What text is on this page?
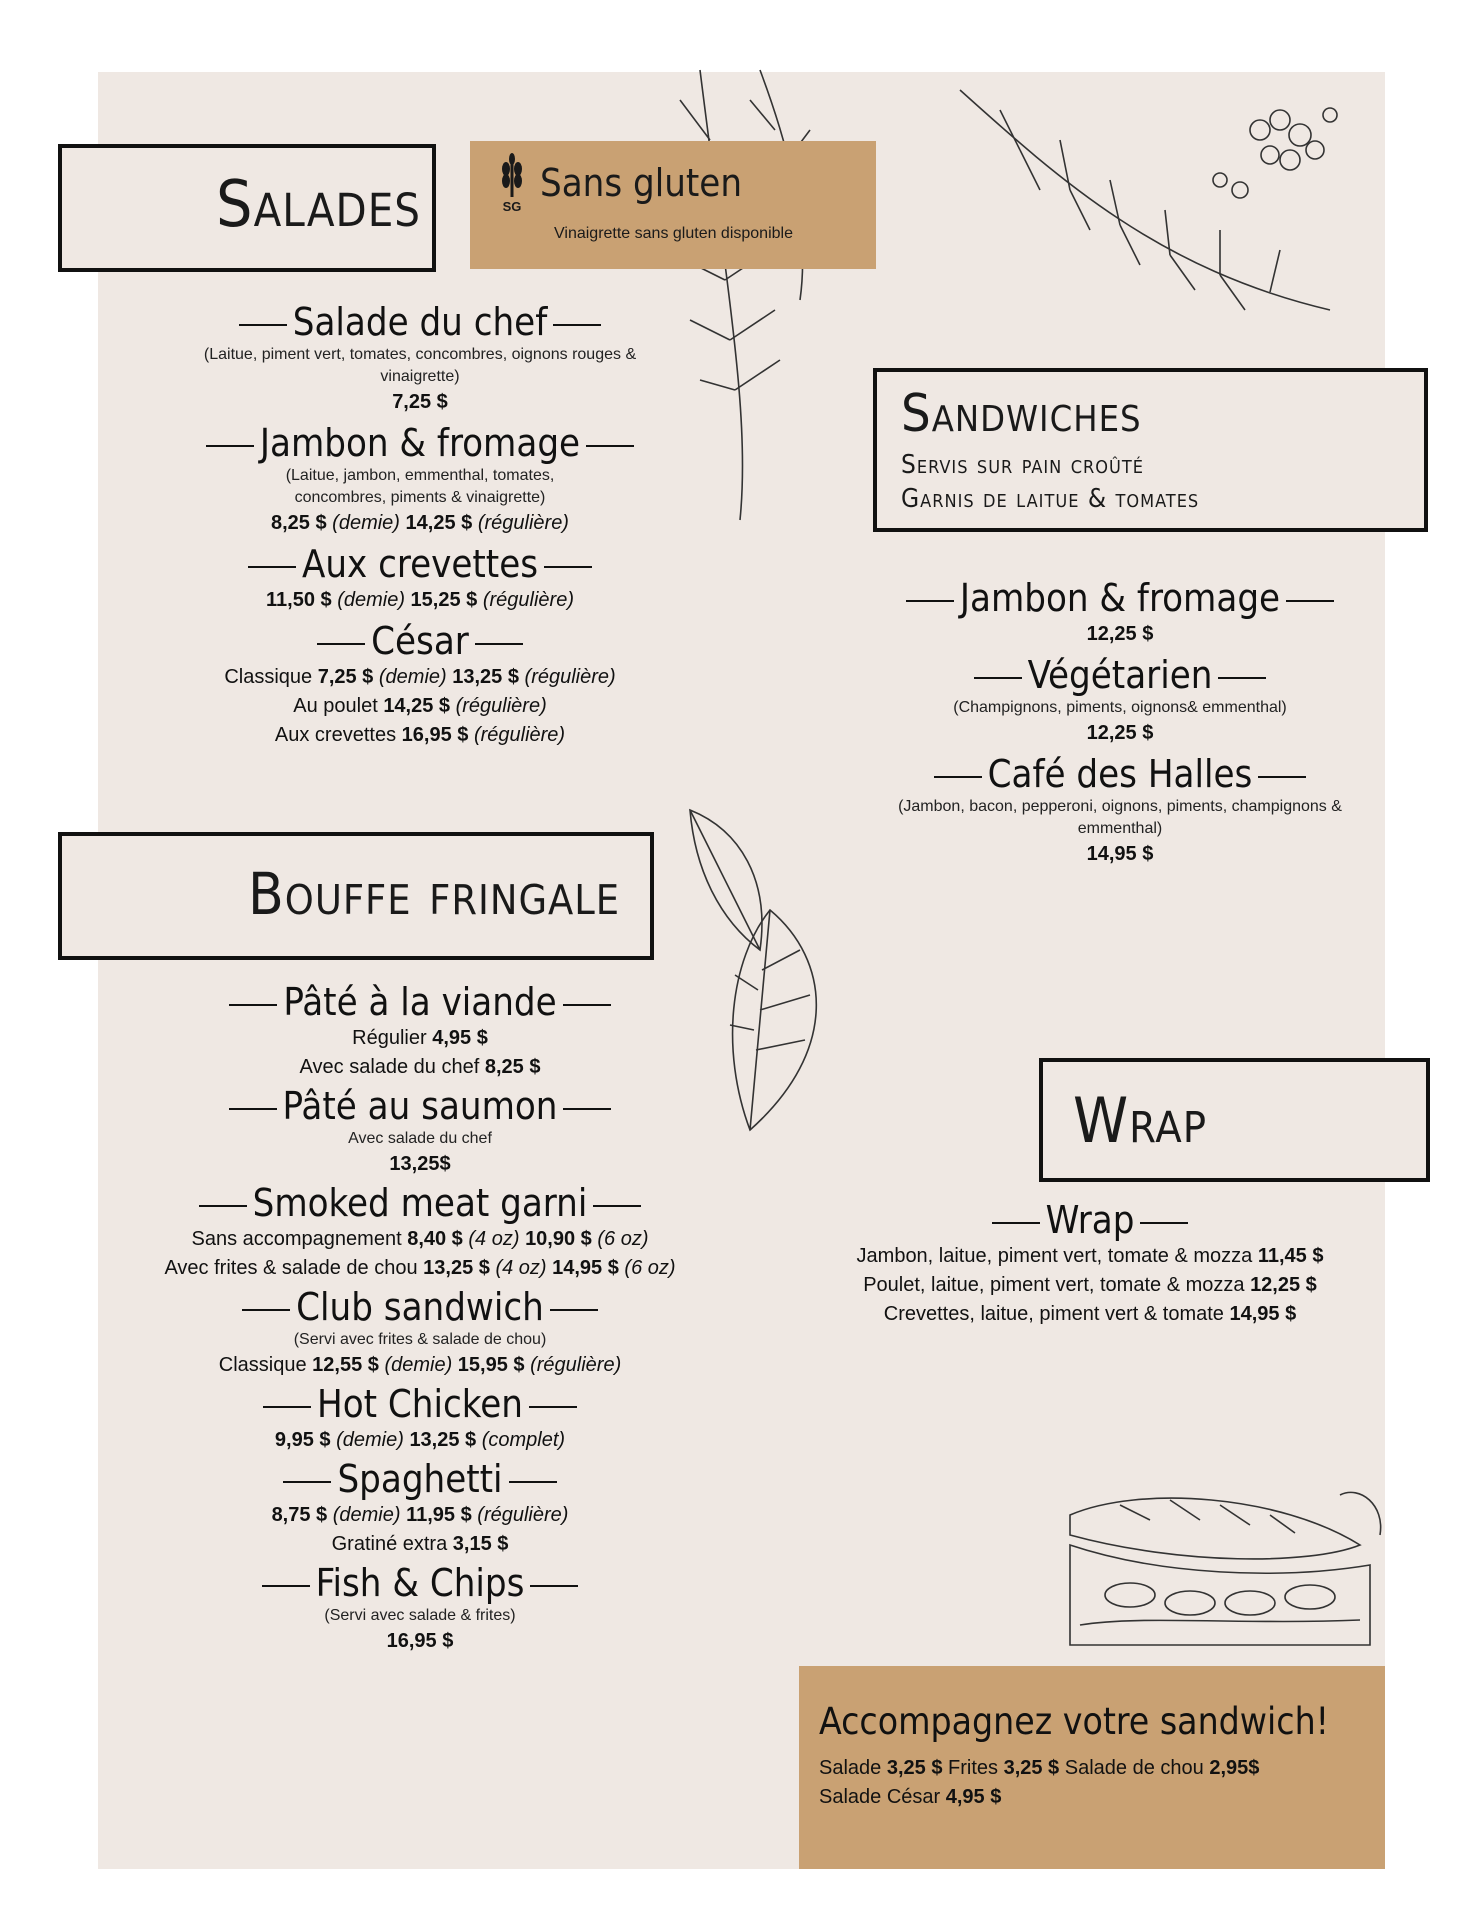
Salades	SG
Sans gluten
Vinaigrette sans gluten disponible
Salade du chef
(Laitue, piment vert, tomates, concombres, oignons rouges & vinaigrette)
7,25 $
Jambon & fromage
(Laitue, jambon, emmenthal, tomates, concombres, piments & vinaigrette)
8,25 $ (demie) 14,25 $ (régulière)
Aux crevettes
11,50 $ (demie) 15,25 $ (régulière)
César
Classique 7,25 $ (demie) 13,25 $ (régulière)
Au poulet 14,25 $ (régulière)
Aux crevettes 16,95 $ (régulière)
Bouffe fringale
Pâté à la viande
Régulier 4,95 $
Avec salade du chef 8,25 $
Pâté au saumon
Avec salade du chef
13,25$
Smoked meat garni
Sans accompagnement 8,40 $ (4 oz) 10,90 $ (6 oz)
Avec frites & salade de chou 13,25 $ (4 oz) 14,95 $ (6 oz)
Club sandwich
(Servi avec frites & salade de chou)
Classique 12,55 $ (demie) 15,95 $ (régulière)
Hot Chicken
9,95 $ (demie) 13,25 $ (complet)
Spaghetti
8,75 $ (demie) 11,95 $ (régulière)
Gratiné extra 3,15 $
Fish & Chips
(Servi avec salade & frites)
16,95 $
Sandwiches
Servis sur pain croûté
Garnis de laitue & tomates
Jambon & fromage
12,25 $
Végétarien
(Champignons, piments, oignons& emmenthal)
12,25 $
Café des Halles
(Jambon, bacon, pepperoni, oignons, piments, champignons & emmenthal)
14,95 $
Wrap
Wrap
Jambon, laitue, piment vert, tomate & mozza 11,45 $
Poulet, laitue, piment vert, tomate & mozza 12,25 $
Crevettes, laitue, piment vert & tomate 14,95 $
Accompagnez votre sandwich!
Salade 3,25 $ Frites 3,25 $ Salade de chou 2,95$
Salade César 4,95 $
